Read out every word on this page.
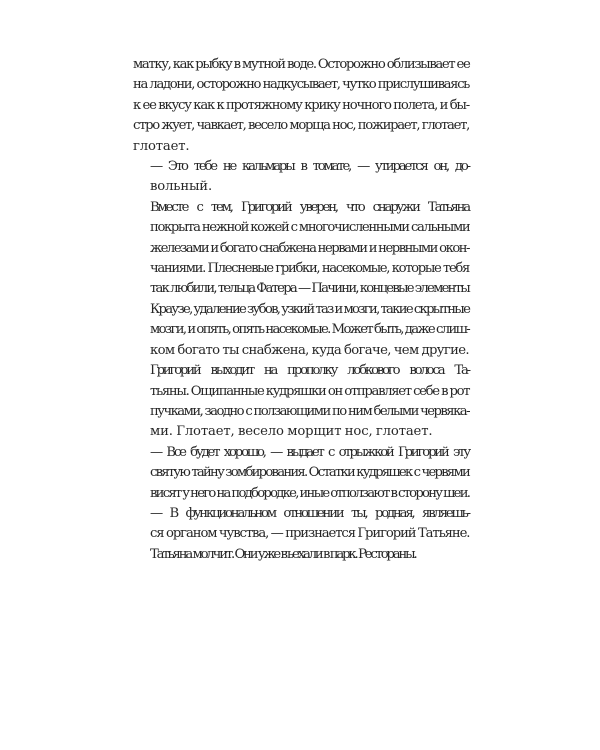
матку, как рыбку в мутной воде. Осторожно облизывает ее
на ладони, осторожно надкусывает, чутко прислушиваясь
к ее вкусу как к протяжному крику ночного полета, и бы-
стро жует, чавкает, весело морща нос, пожирает, глотает,
глотает.

— Это тебе не кальмары в томате, — утирается он, до-
вольный.

Вместе с тем, Григорий уверен, что снаружи Татьяна
покрыта нежной кожей с многочисленными сальными
железами и богато снабжена нервами и нервными окон-
чаниями. Плесневые грибки, насекомые, которые тебя
так любили, тельца Фатера — Пачини, концевые элементы
Краузе, удаление зубов, узкий таз и мозги, такие скрытные
мозги, и опять, опять насекомые. Может быть, даже слиш-
ком богато ты снабжена, куда богаче, чем другие.

Григорий выходит на прополку лобкового волоса Та-
тьяны. Ощипанные кудряшки он отправляет себе в рот
пучками, заодно с ползающими по ним белыми червяка-
ми. Глотает, весело морщит нос, глотает.

— Все будет хорошо, — выдает с отрыжкой Григорий эту
святую тайну зомбирования. Остатки кудряшек с червями
висят у него на подбородке, иные отползают в сторону шеи.

— В функциональном отношении ты, родная, являешь-
ся органом чувства, — признается Григорий Татьяне.

Татьяна молчит. Они уже въехали в парк. Рестораны.
